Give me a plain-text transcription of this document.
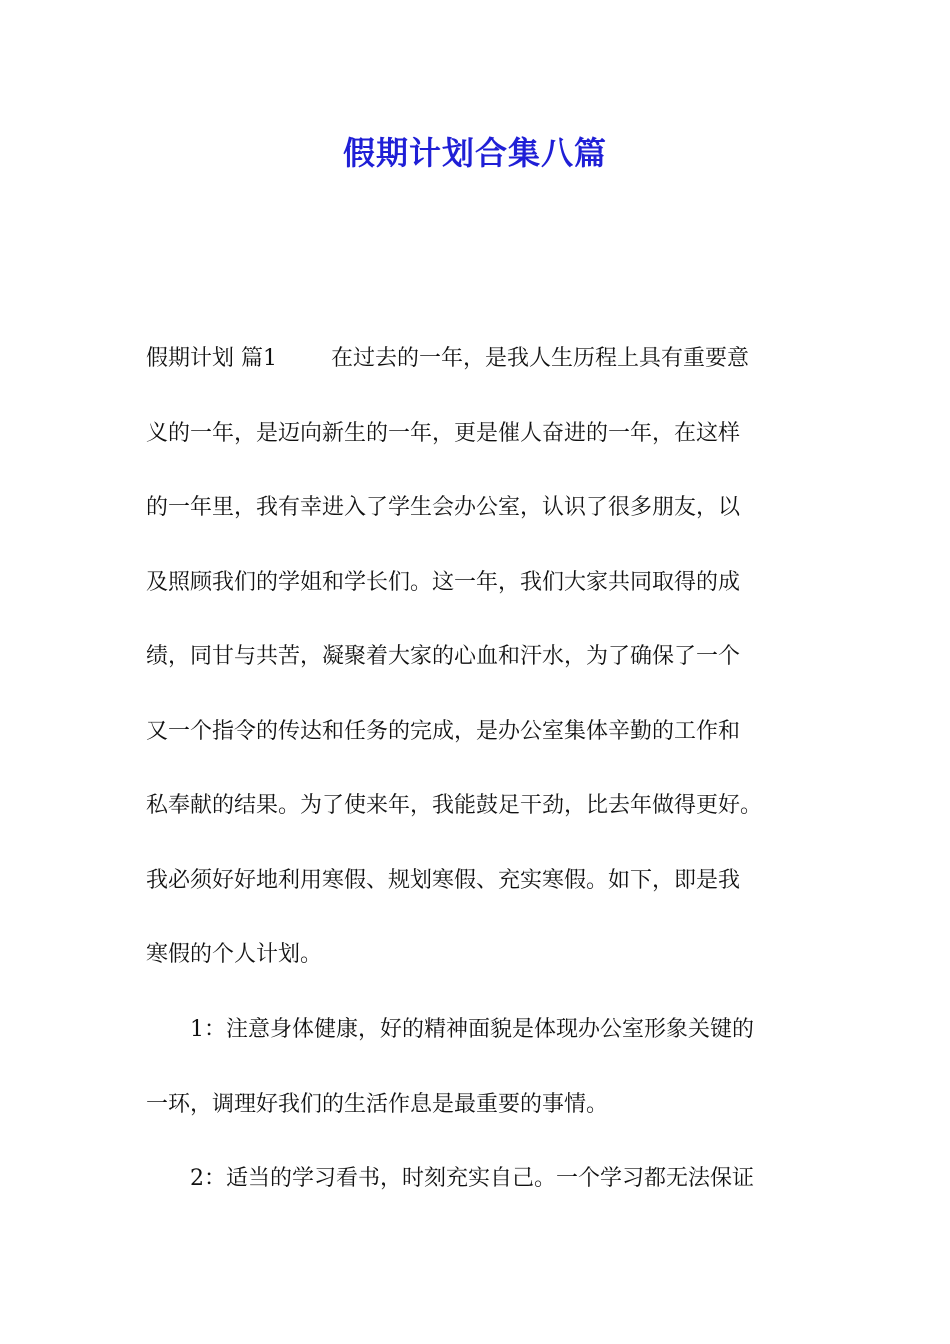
假期计划合集八篇
假期计划 篇1 在过去的一年，是我人生历程上具有重要意
义的一年，是迈向新生的一年，更是催人奋进的一年，在这样
的一年里，我有幸进入了学生会办公室，认识了很多朋友，以
及照顾我们的学姐和学长们。这一年，我们大家共同取得的成
绩，同甘与共苦，凝聚着大家的心血和汗水，为了确保了一个
又一个指令的传达和任务的完成，是办公室集体辛勤的工作和
私奉献的结果。为了使来年，我能鼓足干劲，比去年做得更好。
我必须好好地利用寒假、规划寒假、充实寒假。如下，即是我
寒假的个人计划。
1：注意身体健康，好的精神面貌是体现办公室形象关键的
一环，调理好我们的生活作息是最重要的事情。
2：适当的学习看书，时刻充实自己。一个学习都无法保证
